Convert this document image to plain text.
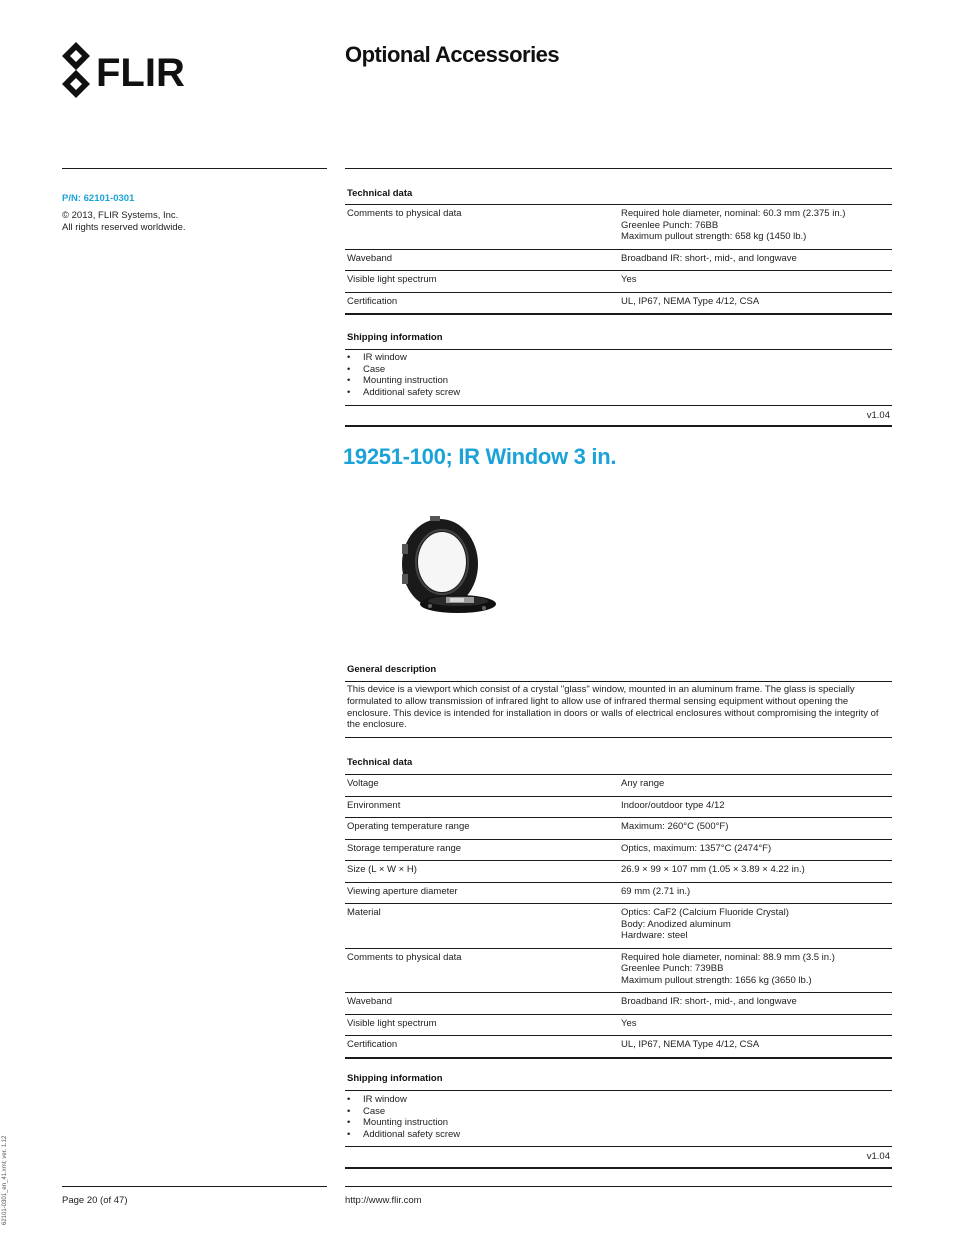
FLIR	Optional Accessories
P/N: 62101-0301
© 2013, FLIR Systems, Inc.
All rights reserved worldwide.
Technical data
Comments to physical data	Required hole diameter, nominal: 60.3 mm (2.375 in.)
Greenlee Punch: 76BB
Maximum pullout strength: 658 kg (1450 lb.)

Waveband	Broadband IR: short-, mid-, and longwave

Visible light spectrum	Yes

Certification	UL, IP67, NEMA Type 4/12, CSA
Shipping information
• IR window
• Case
• Mounting instruction
• Additional safety screw
v1.04
19251-100; IR Window 3 in.
General description
This device is a viewport which consist of a crystal "glass" window, mounted in an aluminum frame. The glass is specially formulated to allow transmission of infrared light to allow use of infrared thermal sensing equipment without opening the enclosure. This device is intended for installation in doors or walls of electrical enclosures without compromising the integrity of the enclosure.
Technical data
Voltage	Any range

Environment	Indoor/outdoor type 4/12

Operating temperature range	Maximum: 260°C (500°F)

Storage temperature range	Optics, maximum: 1357°C (2474°F)

Size (L × W × H)	26.9 × 99 × 107 mm (1.05 × 3.89 × 4.22 in.)

Viewing aperture diameter	69 mm (2.71 in.)

Material	Optics: CaF2 (Calcium Fluoride Crystal)
Body: Anodized aluminum
Hardware: steel

Comments to physical data	Required hole diameter, nominal: 88.9 mm (3.5 in.)
Greenlee Punch: 739BB
Maximum pullout strength: 1656 kg (3650 lb.)

Waveband	Broadband IR: short-, mid-, and longwave

Visible light spectrum	Yes

Certification	UL, IP67, NEMA Type 4/12, CSA
Shipping information
• IR window
• Case
• Mounting instruction
• Additional safety screw
v1.04
Page 20 (of 47)	http://www.flir.com
62101-0301_en_41.xml; ver. 1.12
